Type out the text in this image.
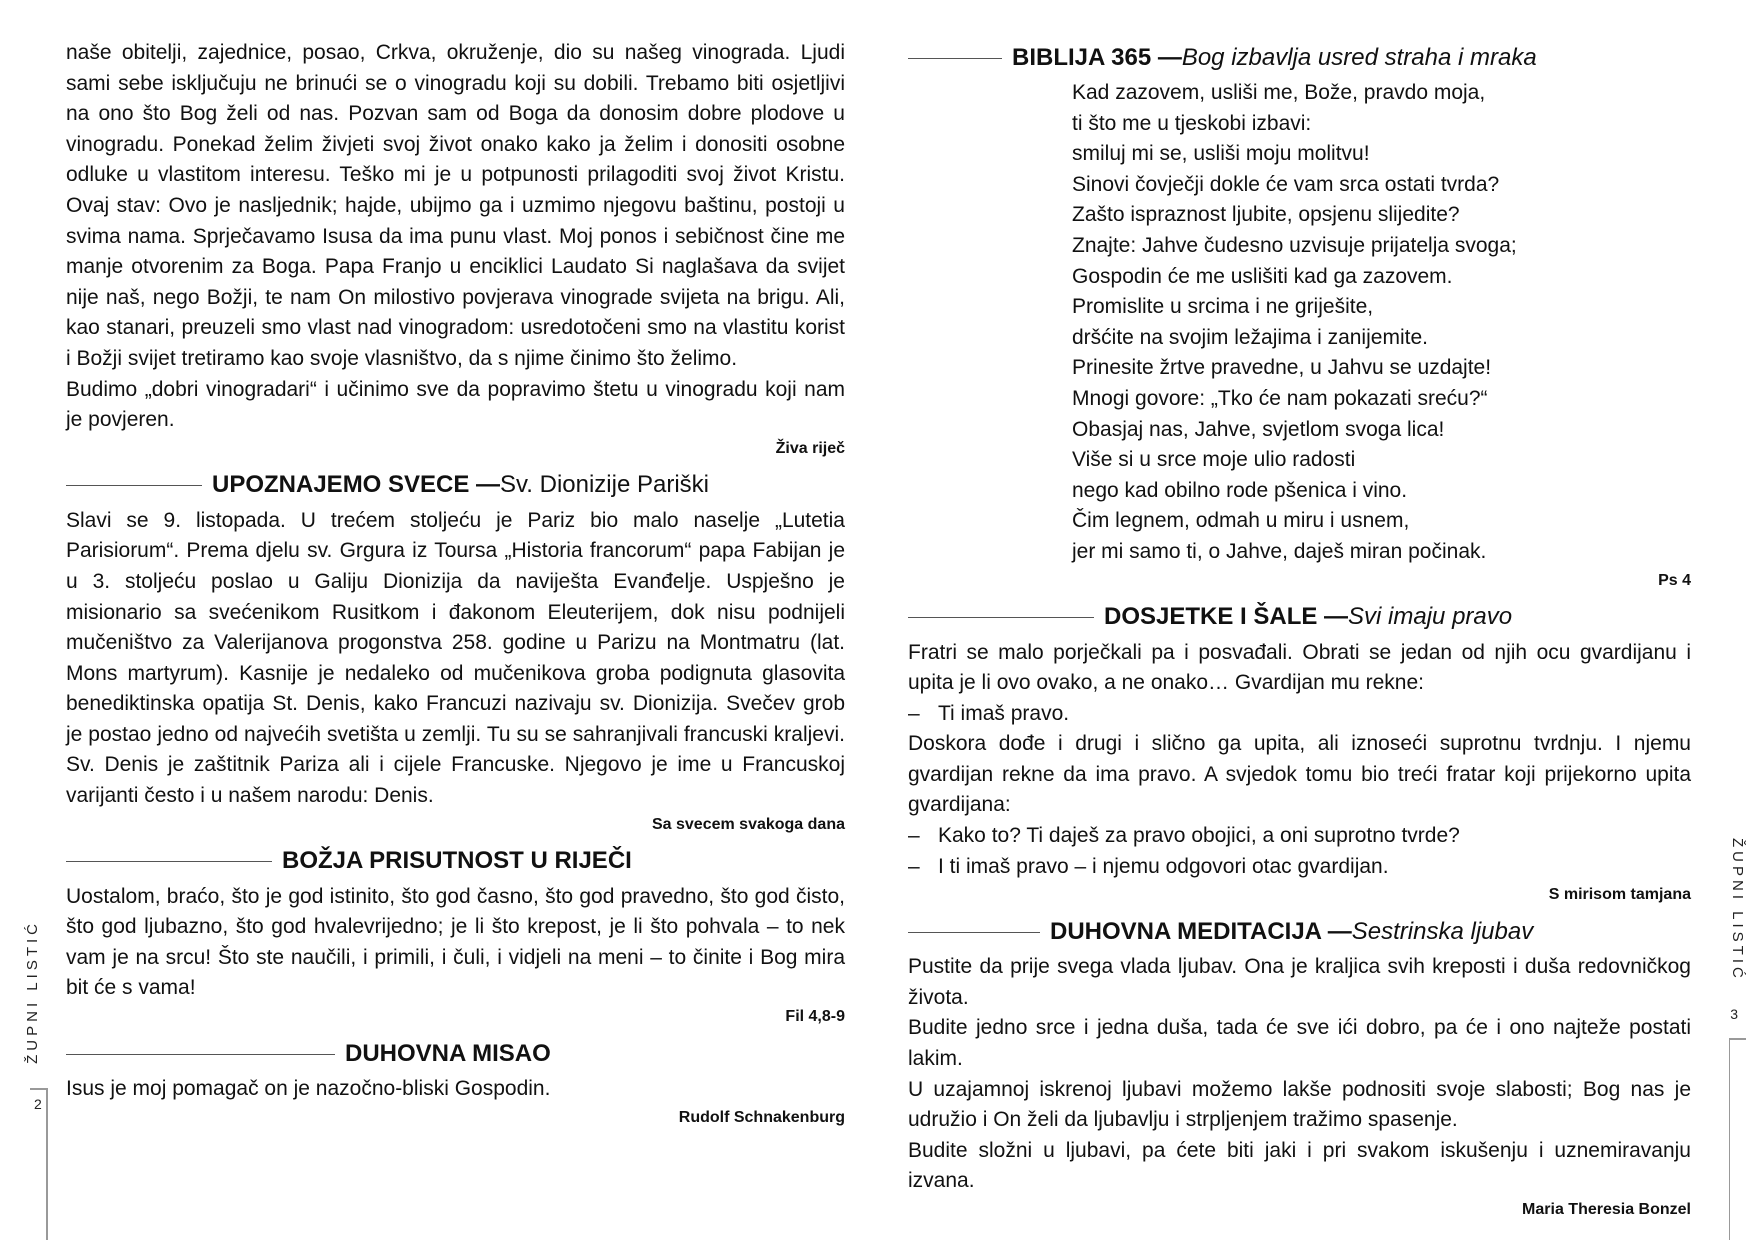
naše obitelji, zajednice, posao, Crkva, okruženje, dio su našeg vinograda. Ljudi sami sebe isključuju ne brinući se o vinogradu koji su dobili. Trebamo biti osjetljivi na ono što Bog želi od nas. Pozvan sam od Boga da donosim dobre plodove u vinogradu. Ponekad želim živjeti svoj život onako kako ja želim i donositi osobne odluke u vlastitom interesu. Teško mi je u potpunosti prilagoditi svoj život Kristu. Ovaj stav: Ovo je nasljednik; hajde, ubijmo ga i uzmimo njegovu baštinu, postoji u svima nama. Sprječavamo Isusa da ima punu vlast. Moj ponos i sebičnost čine me manje otvorenim za Boga. Papa Franjo u enciklici Laudato Si naglašava da svijet nije naš, nego Božji, te nam On milostivo povjerava vinograde svijeta na brigu. Ali, kao stanari, preuzeli smo vlast nad vinogradom: usredotočeni smo na vlastitu korist i Božji svijet tretiramo kao svoje vlasništvo, da s njime činimo što želimo.

Budimo „dobri vinogradari“ i učinimo sve da popravimo štetu u vinogradu koji nam je povjeren.

Živa riječ

UPOZNAJEMO SVECE — Sv. Dionizije Pariški

Slavi se 9. listopada. U trećem stoljeću je Pariz bio malo naselje „Lutetia Parisiorum“. Prema djelu sv. Grgura iz Toursa „Historia francorum“ papa Fabijan je u 3. stoljeću poslao u Galiju Dionizija da naviješta Evanđelje. Uspješno je misionario sa svećenikom Rusitkom i đakonom Eleuterijem, dok nisu podnijeli mučeništvo za Valerijanova progonstva 258. godine u Parizu na Montmatru (lat. Mons martyrum). Kasnije je nedaleko od mučenikova groba podignuta glasovita benediktinska opatija St. Denis, kako Francuzi nazivaju sv. Dionizija. Svečev grob je postao jedno od najvećih svetišta u zemlji. Tu su se sahranjivali francuski kraljevi. Sv. Denis je zaštitnik Pariza ali i cijele Francuske. Njegovo je ime u Francuskoj varijanti često i u našem narodu: Denis.

Sa svecem svakoga dana

BOŽJA PRISUTNOST U RIJEČI

Uostalom, braćo, što je god istinito, što god časno, što god pravedno, što god čisto, što god ljubazno, što god hvalevrijedno; je li što krepost, je li što pohvala – to nek vam je na srcu! Što ste naučili, i primili, i čuli, i vidjeli na meni – to činite i Bog mira bit će s vama!

Fil 4,8-9

DUHOVNA MISAO

Isus je moj pomagač on je nazočno-bliski Gospodin.

Rudolf Schnakenburg

ŽUPNI LISTIĆ
2
BIBLIJA 365 — Bog izbavlja usred straha i mraka
Kad zazovem, usliši me, Bože, pravdo moja,
ti što me u tjeskobi izbavi:
smiluj mi se, usliši moju molitvu!
Sinovi čovječji dokle će vam srca ostati tvrda?
Zašto ispraznost ljubite, opsjenu slijedite?
Znajte: Jahve čudesno uzvisuje prijatelja svoga;
Gospodin će me uslišiti kad ga zazovem.
Promislite u srcima i ne griješite,
dršćite na svojim ležajima i zanijemite.
Prinesite žrtve pravedne, u Jahvu se uzdajte!
Mnogi govore: „Tko će nam pokazati sreću?“
Obasjaj nas, Jahve, svjetlom svoga lica!
Više si u srce moje ulio radosti
nego kad obilno rode pšenica i vino.
Čim legnem, odmah u miru i usnem,
jer mi samo ti, o Jahve, daješ miran počinak.

Ps 4

DOSJETKE I ŠALE — Svi imaju pravo

Fratri se malo porječkali pa i posvađali. Obrati se jedan od njih ocu gvardijanu i upita je li ovo ovako, a ne onako… Gvardijan mu rekne:

– Ti imaš pravo.

Doskora dođe i drugi i slično ga upita, ali iznoseći suprotnu tvrdnju. I njemu gvardijan rekne da ima pravo. A svjedok tomu bio treći fratar koji prijekorno upita gvardijana:

– Kako to? Ti daješ za pravo obojici, a oni suprotno tvrde?
– I ti imaš pravo – i njemu odgovori otac gvardijan.

S mirisom tamjana

DUHOVNA MEDITACIJA — Sestrinska ljubav

Pustite da prije svega vlada ljubav. Ona je kraljica svih kreposti i duša redovničkog života.

Budite jedno srce i jedna duša, tada će sve ići dobro, pa će i ono najteže postati lakim.

U uzajamnoj iskrenoj ljubavi možemo lakše podnositi svoje slabosti; Bog nas je udružio i On želi da ljubavlju i strpljenjem tražimo spasenje.

Budite složni u ljubavi, pa ćete biti jaki i pri svakom iskušenju i uznemiravanju izvana.

Maria Theresia Bonzel

ŽUPNI LISTIĆ
3
